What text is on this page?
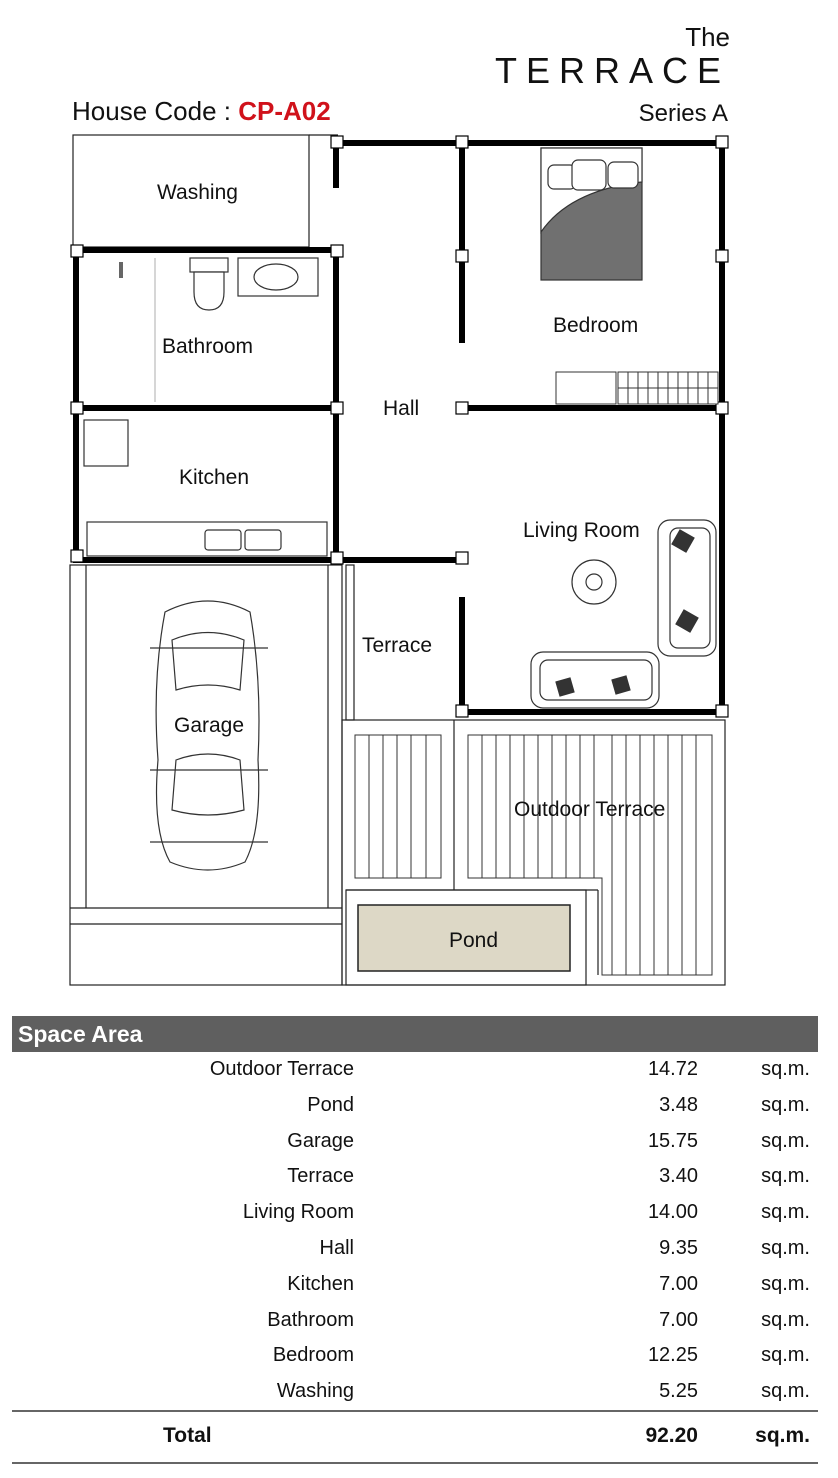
The
TERRACE
Series A
House Code : CP-A02
Washing
Bathroom
Kitchen
Hall
Bedroom
Living Room
Terrace
Garage
Outdoor Terrace
Pond
Space Area
Outdoor Terrace	14.72	sq.m.
Pond	3.48	sq.m.
Garage	15.75	sq.m.
Terrace	3.40	sq.m.
Living Room	14.00	sq.m.
Hall	9.35	sq.m.
Kitchen	7.00	sq.m.
Bathroom	7.00	sq.m.
Bedroom	12.25	sq.m.
Washing	5.25	sq.m.
Total	92.20	sq.m.
